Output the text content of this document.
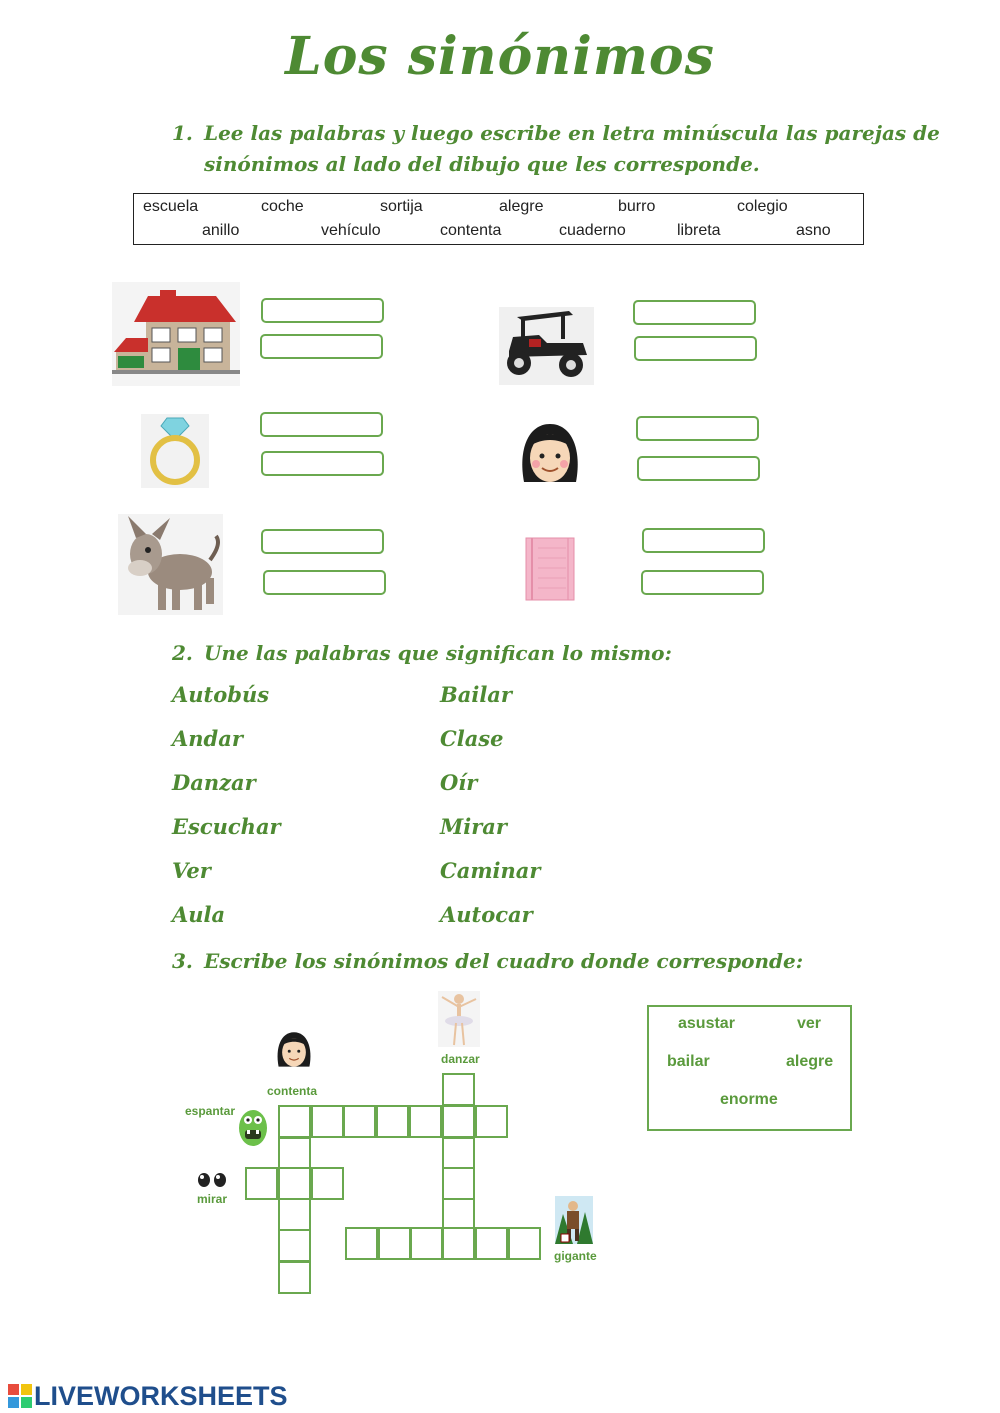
Los sinónimos
1. Lee las palabras y luego escribe en letra minúscula las parejas de
sinónimos al lado del dibujo que les corresponde.
escuela	coche	sortija	alegre	burro	colegio
anillo	vehículo	contenta	cuaderno	libreta	asno
2. Une las palabras que significan lo mismo:
Autobús
Andar
Danzar
Escuchar
Ver
Aula
Bailar
Clase
Oír
Mirar
Caminar
Autocar
3. Escribe los sinónimos del cuadro donde corresponde:
danzar
contenta
espantar
mirar
gigante
asustar	ver
bailar	alegre
enorme
LIVEWORKSHEETS
